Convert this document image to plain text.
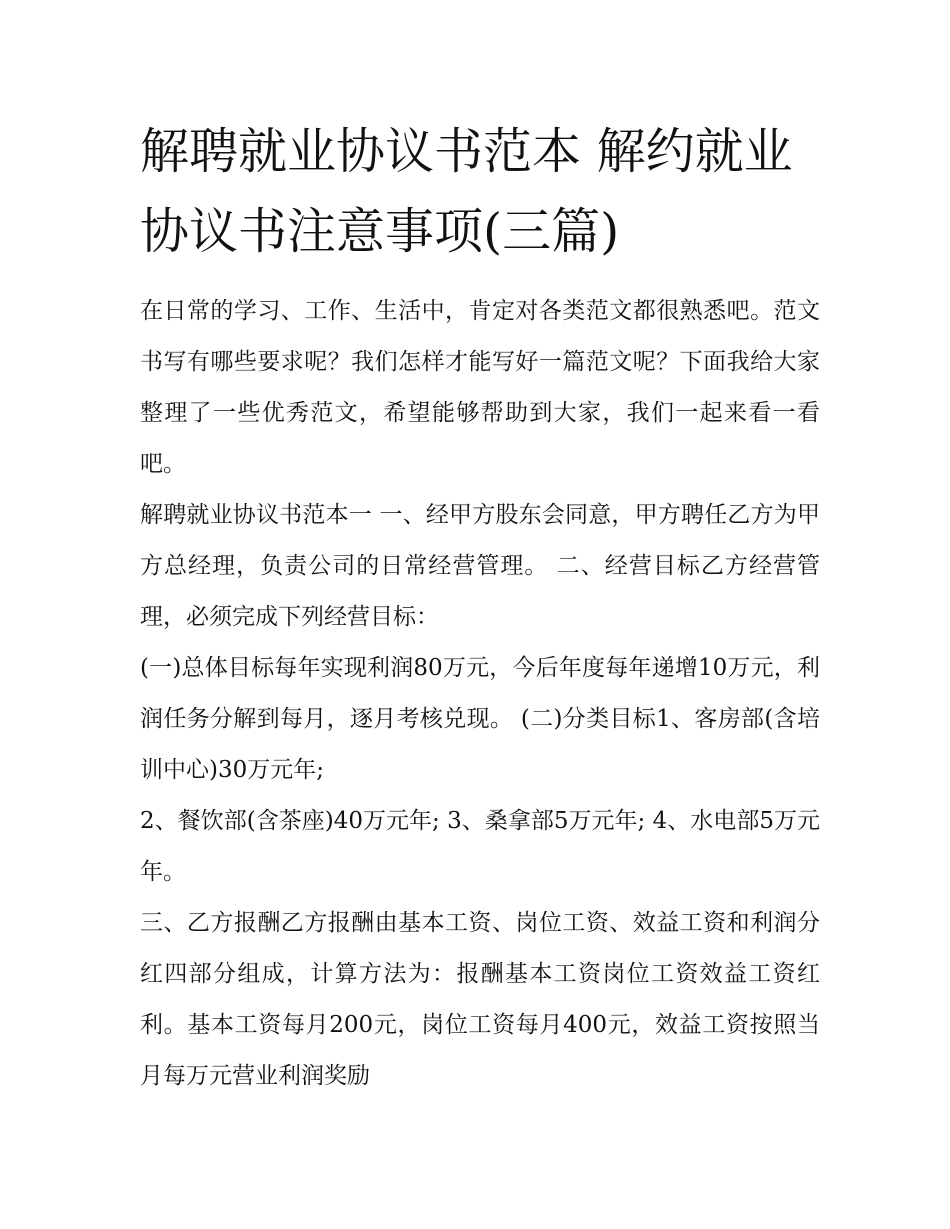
解聘就业协议书范本 解约就业协议书注意事项(三篇)

在日常的学习、工作、生活中，肯定对各类范文都很熟悉吧。范文书写有哪些要求呢？我们怎样才能写好一篇范文呢？下面我给大家整理了一些优秀范文，希望能够帮助到大家，我们一起来看一看吧。

解聘就业协议书范本一 一、经甲方股东会同意，甲方聘任乙方为甲方总经理，负责公司的日常经营管理。 二、经营目标乙方经营管理，必须完成下列经营目标：

(一)总体目标每年实现利润80万元，今后年度每年递增10万元，利润任务分解到每月，逐月考核兑现。 (二)分类目标1、客房部(含培训中心)30万元年;

2、餐饮部(含茶座)40万元年; 3、桑拿部5万元年; 4、水电部5万元年。

三、乙方报酬乙方报酬由基本工资、岗位工资、效益工资和利润分红四部分组成，计算方法为：报酬基本工资岗位工资效益工资红利。基本工资每月200元，岗位工资每月400元，效益工资按照当月每万元营业利润奖励
